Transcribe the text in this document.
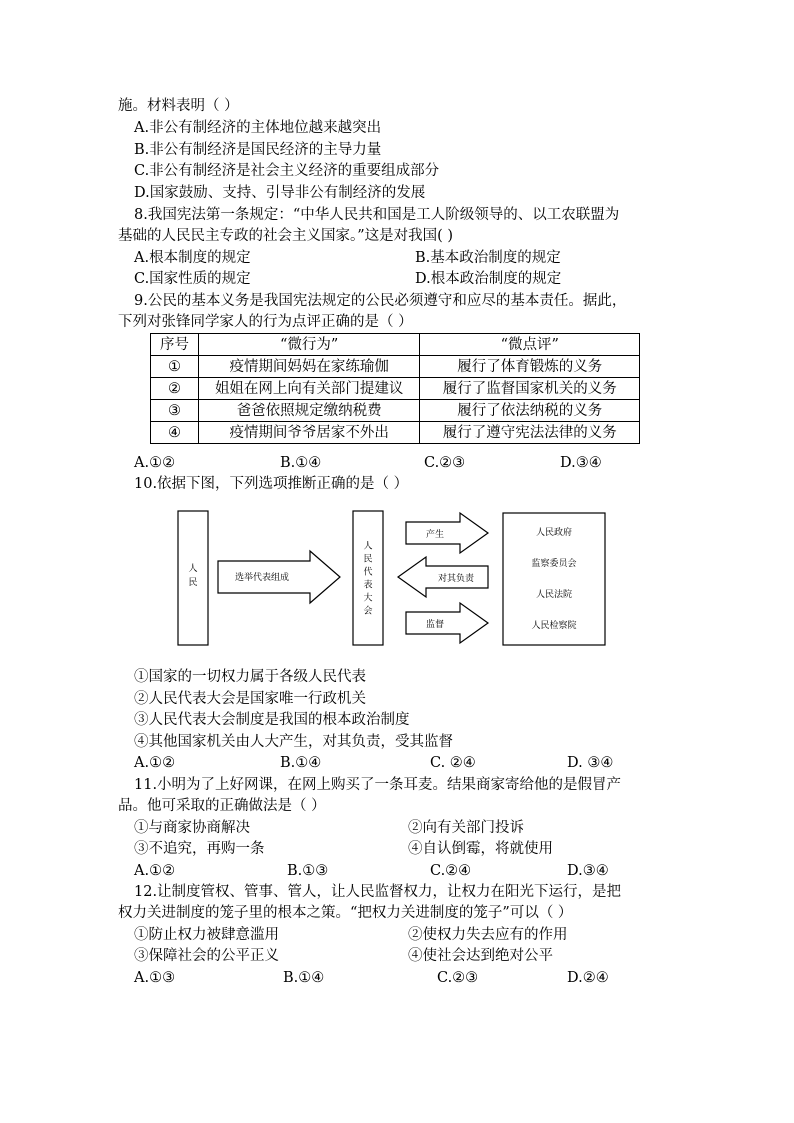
施。材料表明（ ）
A.非公有制经济的主体地位越来越突出
B.非公有制经济是国民经济的主导力量
C.非公有制经济是社会主义经济的重要组成部分
D.国家鼓励、支持、引导非公有制经济的发展
8.我国宪法第一条规定：“中华人民共和国是工人阶级领导的、以工农联盟为
基础的人民民主专政的社会主义国家。”这是对我国( )
A.根本制度的规定	B.基本政治制度的规定
C.国家性质的规定	D.根本政治制度的规定
9.公民的基本义务是我国宪法规定的公民必须遵守和应尽的基本责任。据此，
下列对张锋同学家人的行为点评正确的是（ ）
序号	“微行为”	“微点评”
①	疫情期间妈妈在家练瑜伽	履行了体育锻炼的义务
②	姐姐在网上向有关部门提建议	履行了监督国家机关的义务
③	爸爸依照规定缴纳税费	履行了依法纳税的义务
④	疫情期间爷爷居家不外出	履行了遵守宪法法律的义务
A.①②	B.①④	C.②③	D.③④
10.依据下图，下列选项推断正确的是（ ）
人
民	选举代表组成
人
民
代
表
大
会
产生
对其负责
监督
人民政府
监察委员会
人民法院
人民检察院
①国家的一切权力属于各级人民代表
②人民代表大会是国家唯一行政机关
③人民代表大会制度是我国的根本政治制度
④其他国家机关由人大产生，对其负责，受其监督
A.①②	B.①④	C. ②④	D. ③④
11.小明为了上好网课，在网上购买了一条耳麦。结果商家寄给他的是假冒产
品。他可采取的正确做法是（ ）
①与商家协商解决	②向有关部门投诉
③不追究，再购一条	④自认倒霉，将就使用
A.①②	B.①③	C.②④	D.③④
12.让制度管权、管事、管人，让人民监督权力，让权力在阳光下运行，是把
权力关进制度的笼子里的根本之策。“把权力关进制度的笼子”可以（ ）
①防止权力被肆意滥用	②使权力失去应有的作用
③保障社会的公平正义	④使社会达到绝对公平
A.①③	B.①④	C.②③	D.②④
